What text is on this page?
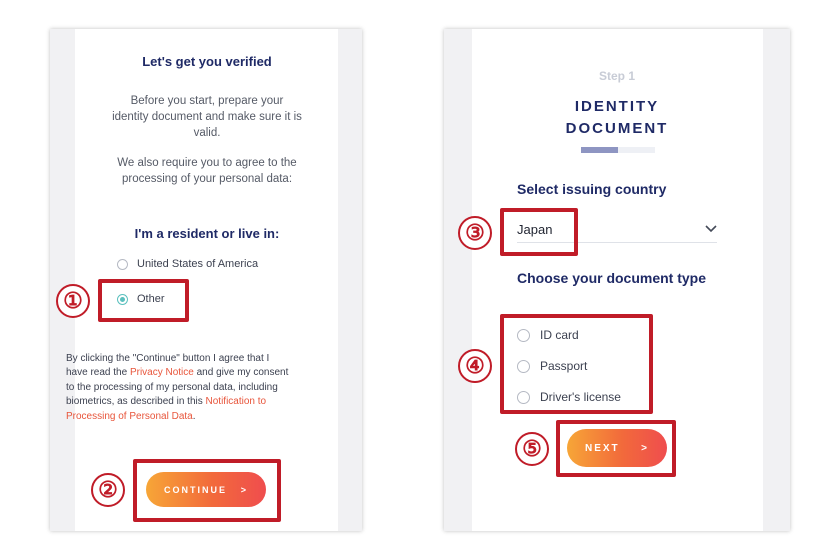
Let's get you verified
Before you start, prepare your identity document and make sure it is valid.
We also require you to agree to the processing of your personal data:
I'm a resident or live in:
United States of America
Other
By clicking the "Continue" button I agree that I have read the Privacy Notice and give my consent to the processing of my personal data, including biometrics, as described in this Notification to Processing of Personal Data.
CONTINUE >
Step 1
IDENTITY
DOCUMENT
Select issuing country
Japan
Choose your document type
ID card
Passport
Driver's license
NEXT >
①
②
③
④
⑤
